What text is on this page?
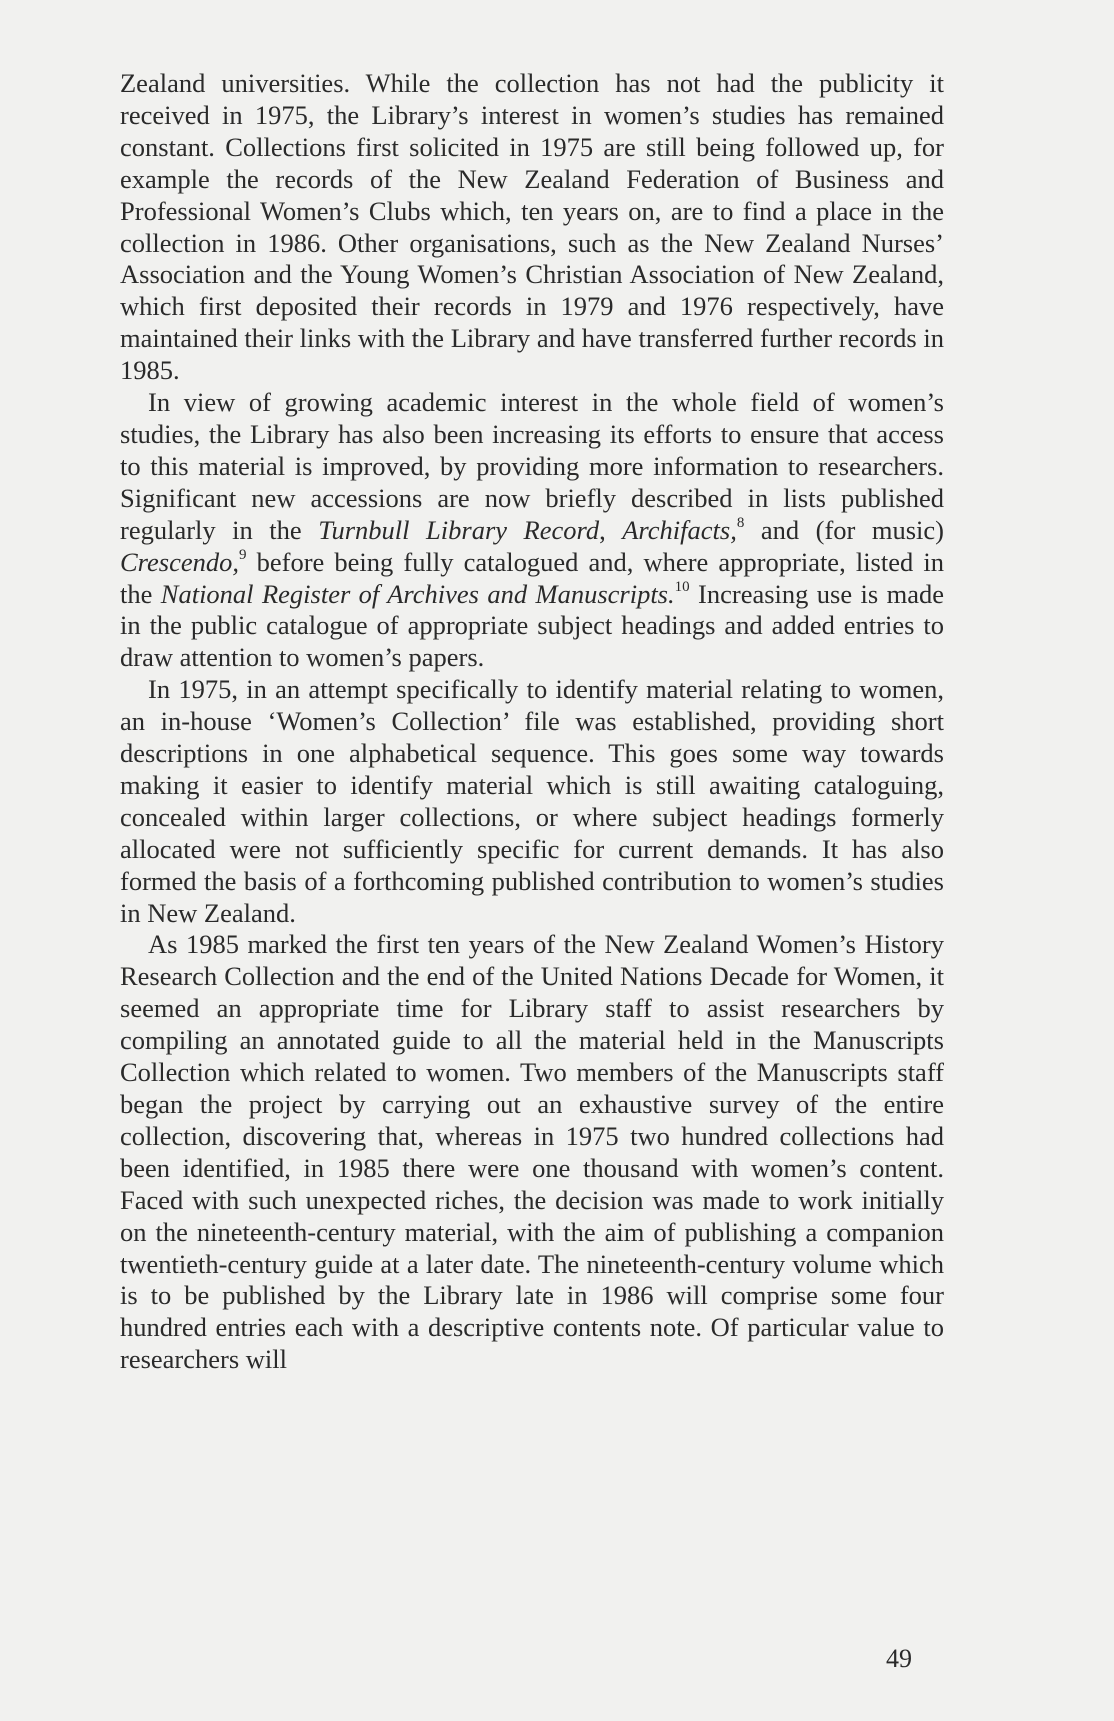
Zealand universities. While the collection has not had the publicity it received in 1975, the Library’s interest in women’s studies has remained constant. Collections first solicited in 1975 are still being followed up, for example the records of the New Zealand Federation of Business and Professional Women’s Clubs which, ten years on, are to find a place in the collection in 1986. Other organisations, such as the New Zealand Nurses’ Association and the Young Women’s Christian Association of New Zealand, which first deposited their records in 1979 and 1976 respectively, have maintained their links with the Library and have transferred further records in 1985.

In view of growing academic interest in the whole field of women’s studies, the Library has also been increasing its efforts to ensure that access to this material is improved, by providing more information to researchers. Significant new accessions are now briefly described in lists published regularly in the Turnbull Library Record, Archifacts,$^8$ and (for music) Crescendo,$^9$ before being fully catalogued and, where appropriate, listed in the National Register of Archives and Manuscripts.$^{10}$ Increasing use is made in the public catalogue of appropriate subject headings and added entries to draw attention to women’s papers.

In 1975, in an attempt specifically to identify material relating to women, an in-house ‘Women’s Collection’ file was established, providing short descriptions in one alphabetical sequence. This goes some way towards making it easier to identify material which is still awaiting cataloguing, concealed within larger collections, or where subject headings formerly allocated were not sufficiently specific for current demands. It has also formed the basis of a forthcoming published contribution to women’s studies in New Zealand.

As 1985 marked the first ten years of the New Zealand Women’s History Research Collection and the end of the United Nations Decade for Women, it seemed an appropriate time for Library staff to assist researchers by compiling an annotated guide to all the material held in the Manuscripts Collection which related to women. Two members of the Manuscripts staff began the project by carrying out an exhaustive survey of the entire collection, discovering that, whereas in 1975 two hundred collections had been identified, in 1985 there were one thousand with women’s content. Faced with such unexpected riches, the decision was made to work initially on the nineteenth-century material, with the aim of publishing a companion twentieth-century guide at a later date. The nineteenth-century volume which is to be published by the Library late in 1986 will comprise some four hundred entries each with a descriptive contents note. Of particular value to researchers will

49
